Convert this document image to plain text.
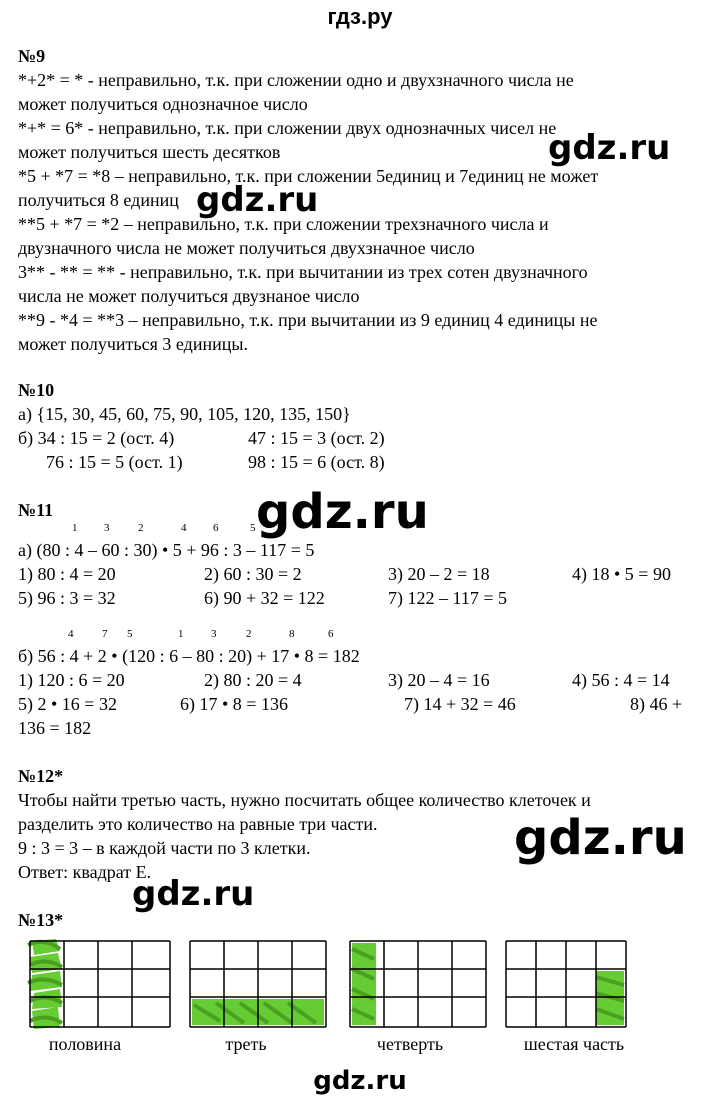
гдз.ру
№9
*+2* = * - неправильно, т.к. при сложении одно и двухзначного числа не
может получиться однозначное число
*+* = 6* - неправильно, т.к. при сложении двух однозначных чисел не
может получиться шесть десятков
*5 + *7 = *8 – неправильно, т.к. при сложении 5единиц и 7единиц не может
получиться 8 единиц
**5 + *7 = *2 – неправильно, т.к. при сложении трехзначного числа и
двузначного числа не может получиться двухзначное число
3** - ** = ** - неправильно, т.к. при вычитании из трех сотен двузначного
числа не может получиться двузнаное число
**9 - *4 = **3 – неправильно, т.к. при вычитании из 9 единиц 4 единицы не
может получиться 3 единицы.
№10
а) {15, 30, 45, 60, 75, 90, 105, 120, 135, 150}
б) 34 : 15 = 2 (ост. 4)	47 : 15 = 3 (ост. 2)
76 : 15 = 5 (ост. 1)	98 : 15 = 6 (ост. 8)
№11
1 3	2	4 6	5
а) (80 : 4 – 60 : 30) • 5 + 96 : 3 – 117 = 5
1) 80 : 4 = 20	2) 60 : 30 = 2	3) 20 – 2 = 18	4) 18 • 5 = 90
5) 96 : 3 = 32	6) 90 + 32 = 122	7) 122 – 117 = 5
4	7 5	1	3	2	8	6
б) 56 : 4 + 2 • (120 : 6 – 80 : 20) + 17 • 8 = 182
1) 120 : 6 = 20	2) 80 : 20 = 4	3) 20 – 4 = 16	4) 56 : 4 = 14
5) 2 • 16 = 32	6) 17 • 8 = 136	7) 14 + 32 = 46	8) 46 +
136 = 182
№12*
Чтобы найти третью часть, нужно посчитать общее количество клеточек и
разделить это количество на равные три части.
9 : 3 = 3 – в каждой части по 3 клетки.
Ответ: квадрат Е.
№13*
половина	треть	четверть	шестая часть
gdz.ru
gdz.ru
gdz.ru
gdz.ru
gdz.ru
gdz.ru
